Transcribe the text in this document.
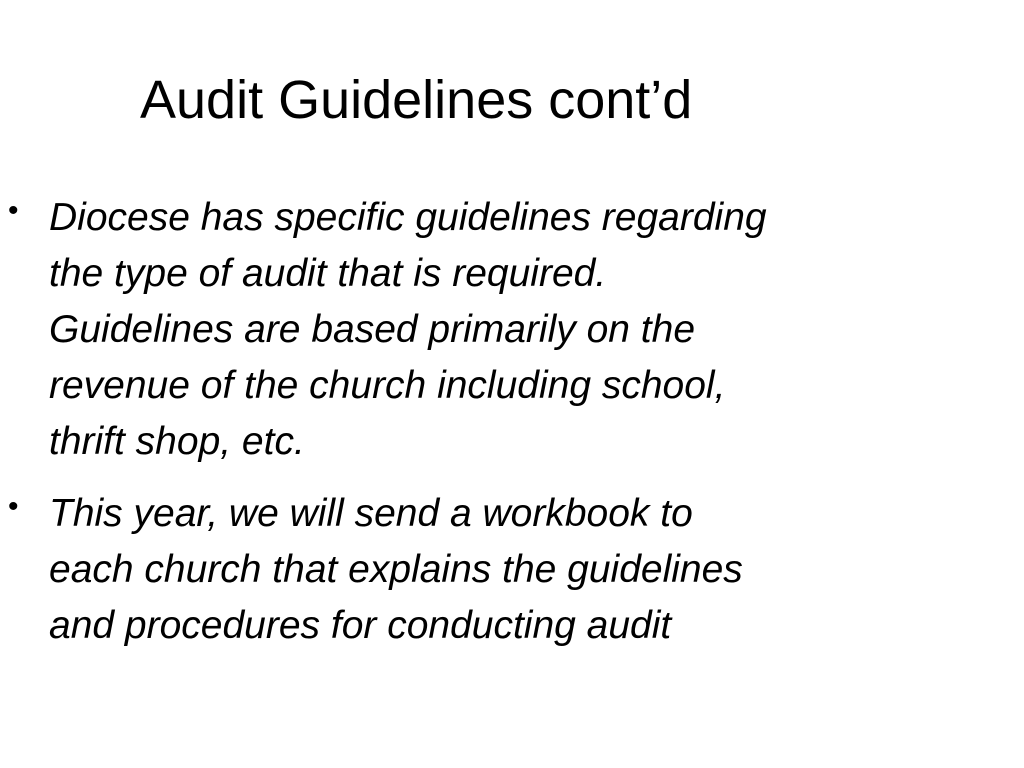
Audit Guidelines cont’d
• Diocese has specific guidelines regarding
the type of audit that is required.
Guidelines are based primarily on the
revenue of the church including school,
thrift shop, etc.
• This year, we will send a workbook to
each church that explains the guidelines
and procedures for conducting audit
